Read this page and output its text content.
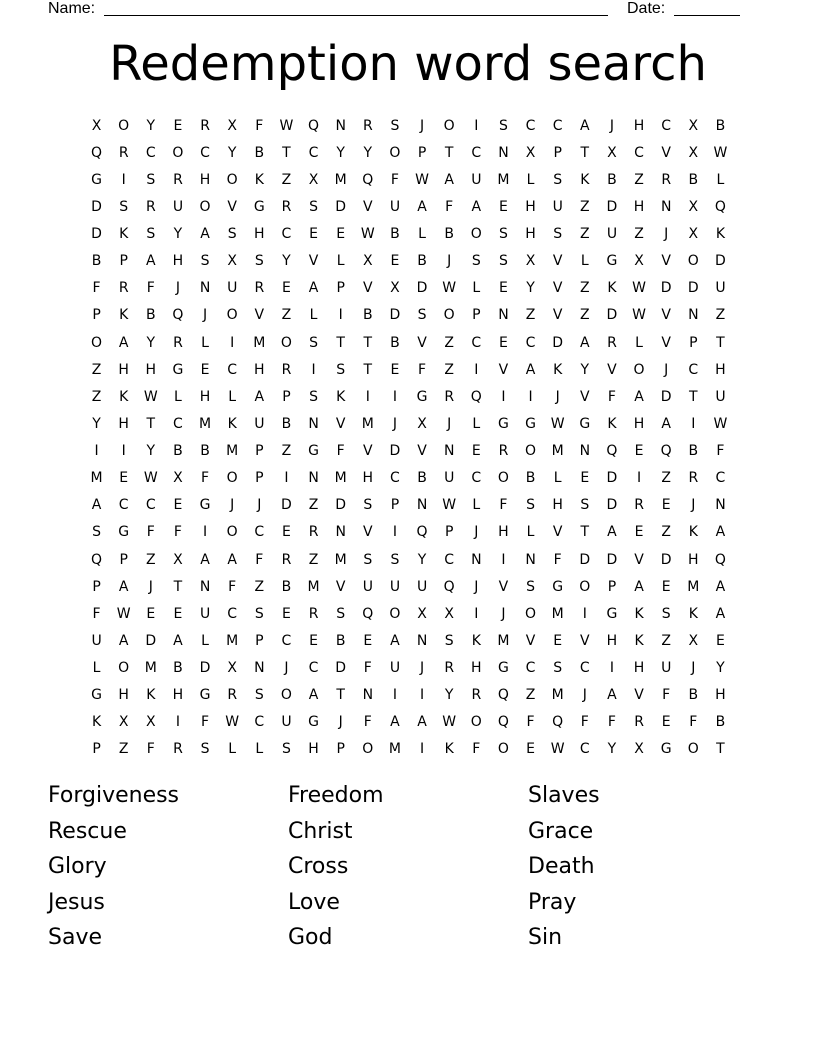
Name:	Date:
Redemption word search
X	O	Y	E	R	X	F	W	Q	N	R	S	J	O	I	S	C	C	A	J	H	C	X	B
Q	R	C	O	C	Y	B	T	C	Y	Y	O	P	T	C	N	X	P	T	X	C	V	X	W
G	I	S	R	H	O	K	Z	X	M	Q	F	W	A	U	M	L	S	K	B	Z	R	B	L
D	S	R	U	O	V	G	R	S	D	V	U	A	F	A	E	H	U	Z	D	H	N	X	Q
D	K	S	Y	A	S	H	C	E	E	W	B	L	B	O	S	H	S	Z	U	Z	J	X	K
B	P	A	H	S	X	S	Y	V	L	X	E	B	J	S	S	X	V	L	G	X	V	O	D
F	R	F	J	N	U	R	E	A	P	V	X	D	W	L	E	Y	V	Z	K	W	D	D	U
P	K	B	Q	J	O	V	Z	L	I	B	D	S	O	P	N	Z	V	Z	D	W	V	N	Z
O	A	Y	R	L	I	M	O	S	T	T	B	V	Z	C	E	C	D	A	R	L	V	P	T
Z	H	H	G	E	C	H	R	I	S	T	E	F	Z	I	V	A	K	Y	V	O	J	C	H
Z	K	W	L	H	L	A	P	S	K	I	I	G	R	Q	I	I	J	V	F	A	D	T	U
Y	H	T	C	M	K	U	B	N	V	M	J	X	J	L	G	G	W	G	K	H	A	I	W
I	I	Y	B	B	M	P	Z	G	F	V	D	V	N	E	R	O	M	N	Q	E	Q	B	F
M	E	W	X	F	O	P	I	N	M	H	C	B	U	C	O	B	L	E	D	I	Z	R	C
A	C	C	E	G	J	J	D	Z	D	S	P	N	W	L	F	S	H	S	D	R	E	J	N
S	G	F	F	I	O	C	E	R	N	V	I	Q	P	J	H	L	V	T	A	E	Z	K	A
Q	P	Z	X	A	A	F	R	Z	M	S	S	Y	C	N	I	N	F	D	D	V	D	H	Q
P	A	J	T	N	F	Z	B	M	V	U	U	U	Q	J	V	S	G	O	P	A	E	M	A
F	W	E	E	U	C	S	E	R	S	Q	O	X	X	I	J	O	M	I	G	K	S	K	A
U	A	D	A	L	M	P	C	E	B	E	A	N	S	K	M	V	E	V	H	K	Z	X	E
L	O	M	B	D	X	N	J	C	D	F	U	J	R	H	G	C	S	C	I	H	U	J	Y
G	H	K	H	G	R	S	O	A	T	N	I	I	Y	R	Q	Z	M	J	A	V	F	B	H
K	X	X	I	F	W	C	U	G	J	F	A	A	W	O	Q	F	Q	F	F	R	E	F	B
P	Z	F	R	S	L	L	S	H	P	O	M	I	K	F	O	E	W	C	Y	X	G	O	T
Forgiveness	Freedom	Slaves
Rescue	Christ	Grace
Glory	Cross	Death
Jesus	Love	Pray
Save	God	Sin
